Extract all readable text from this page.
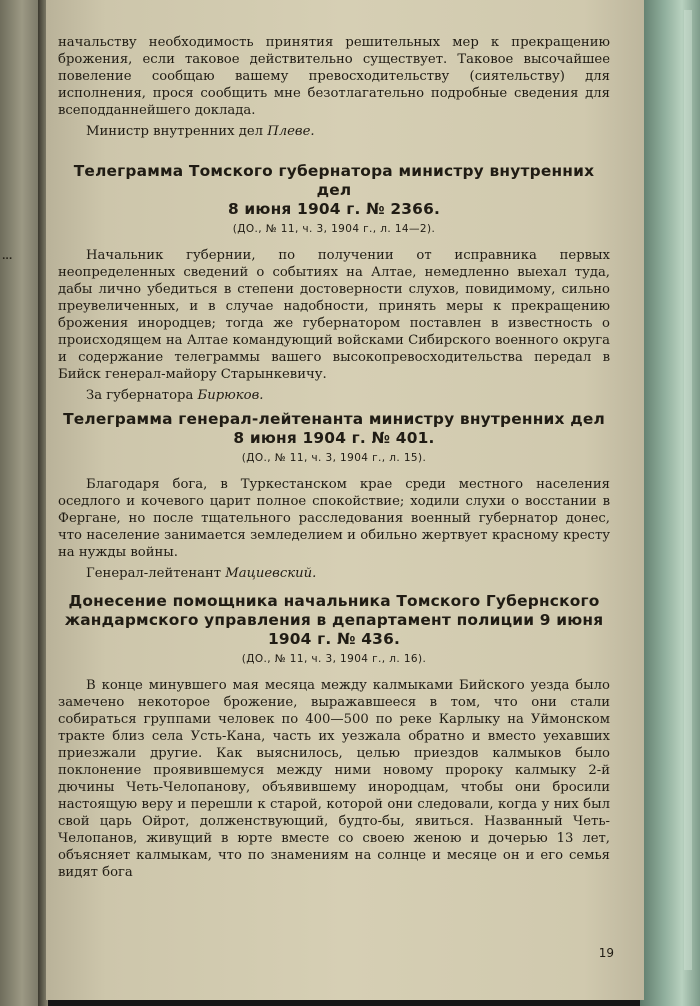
...

начальству необходимость принятия решительных мер к прекращению брожения, если таковое действительно существует. Таковое высочайшее повеление сообщаю вашему превосходительству (сиятельству) для исполнения, прося сообщить мне безотлагательно подробные сведения для всеподданнейшего доклада.

Министр внутренних дел Плеве.
Телеграмма Томского губернатора министру внутренних дел
8 июня 1904 г. № 2366.
(ДО., № 11, ч. 3, 1904 г., л. 14—2).

Начальник губернии, по получении от исправника первых неопределенных сведений о событиях на Алтае, немедленно выехал туда, дабы лично убедиться в степени достоверности слухов, повидимому, сильно преувеличенных, и в случае надобности, принять меры к прекращению брожения инородцев; тогда же губернатором поставлен в известность о происходящем на Алтае командующий войсками Сибирского военного округа и содержание телеграммы вашего высокопревосходительства передал в Бийск генерал-майору Старынкевичу.

За губернатора Бирюков.
Телеграмма генерал-лейтенанта министру внутренних дел
8 июня 1904 г. № 401.
(ДО., № 11, ч. 3, 1904 г., л. 15).

Благодаря бога, в Туркестанском крае среди местного населения оседлого и кочевого царит полное спокойствие; ходили слухи о восстании в Фергане, но после тщательного расследования военный губернатор донес, что население занимается земледелием и обильно жертвует красному кресту на нужды войны.

Генерал-лейтенант Мациевский.
Донесение помощника начальника Томского Губернского
жандармского управления в департамент полиции 9 июня
1904 г. № 436.
(ДО., № 11, ч. 3, 1904 г., л. 16).

В конце минувшего мая месяца между калмыками Бийского уезда было замечено некоторое брожение, выражавшееся в том, что они стали собираться группами человек по 400—500 по реке Карлыку на Уймонском тракте близ села Усть-Кана, часть их уезжала обратно и вместо уехавших приезжали другие. Как выяснилось, целью приездов калмыков было поклонение проявившемуся между ними новому пророку калмыку 2-й дючины Четь-Челопанову, объявившему инородцам, чтобы они бросили настоящую веру и перешли к старой, которой они следовали, когда у них был свой царь Ойрот, долженствующий, будто-бы, явиться. Названный Четь-Челопанов, живущий в юрте вместе со своею женою и дочерью 13 лет, объясняет калмыкам, что по знамениям на солнце и месяце он и его семья видят бога

19
